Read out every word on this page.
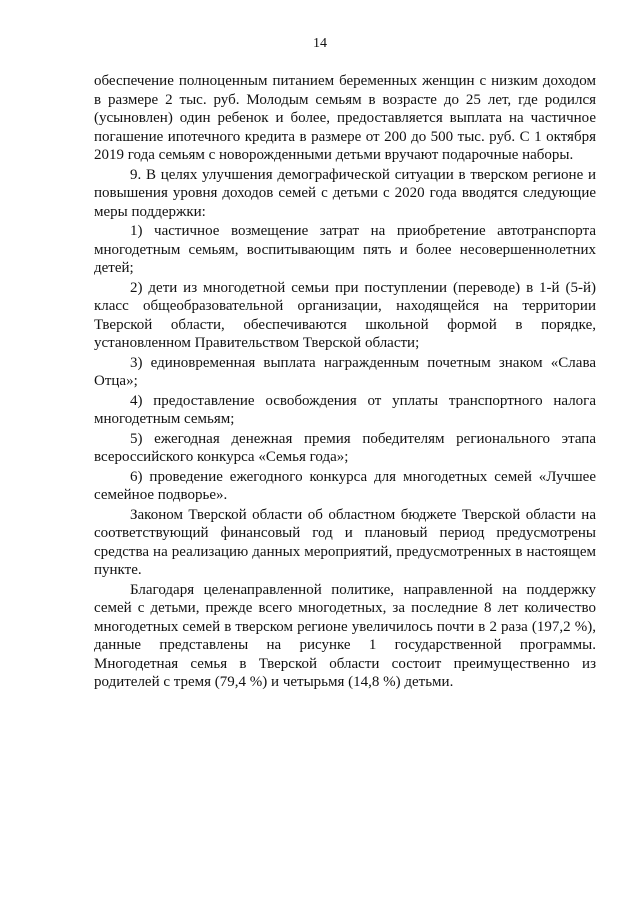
14

обеспечение полноценным питанием беременных женщин с низким доходом в размере 2 тыс. руб. Молодым семьям в возрасте до 25 лет, где родился (усыновлен) один ребенок и более, предоставляется выплата на частичное погашение ипотечного кредита в размере от 200 до 500 тыс. руб. С 1 октября 2019 года семьям с новорожденными детьми вручают подарочные наборы.

9. В целях улучшения демографической ситуации в тверском регионе и повышения уровня доходов семей с детьми с 2020 года вводятся следующие меры поддержки:

1) частичное возмещение затрат на приобретение автотранспорта многодетным семьям, воспитывающим пять и более несовершеннолетних детей;

2) дети из многодетной семьи при поступлении (переводе) в 1-й (5-й) класс общеобразовательной организации, находящейся на территории Тверской области, обеспечиваются школьной формой в порядке, установленном Правительством Тверской области;

3) единовременная выплата награжденным почетным знаком «Слава Отца»;

4) предоставление освобождения от уплаты транспортного налога многодетным семьям;

5) ежегодная денежная премия победителям регионального этапа всероссийского конкурса «Семья года»;

6) проведение ежегодного конкурса для многодетных семей «Лучшее семейное подворье».

Законом Тверской области об областном бюджете Тверской области на соответствующий финансовый год и плановый период предусмотрены средства на реализацию данных мероприятий, предусмотренных в настоящем пункте.

Благодаря целенаправленной политике, направленной на поддержку семей с детьми, прежде всего многодетных, за последние 8 лет количество многодетных семей в тверском регионе увеличилось почти в 2 раза (197,2 %), данные представлены на рисунке 1 государственной программы. Многодетная семья в Тверской области состоит преимущественно из родителей с тремя (79,4 %) и четырьмя (14,8 %) детьми.
